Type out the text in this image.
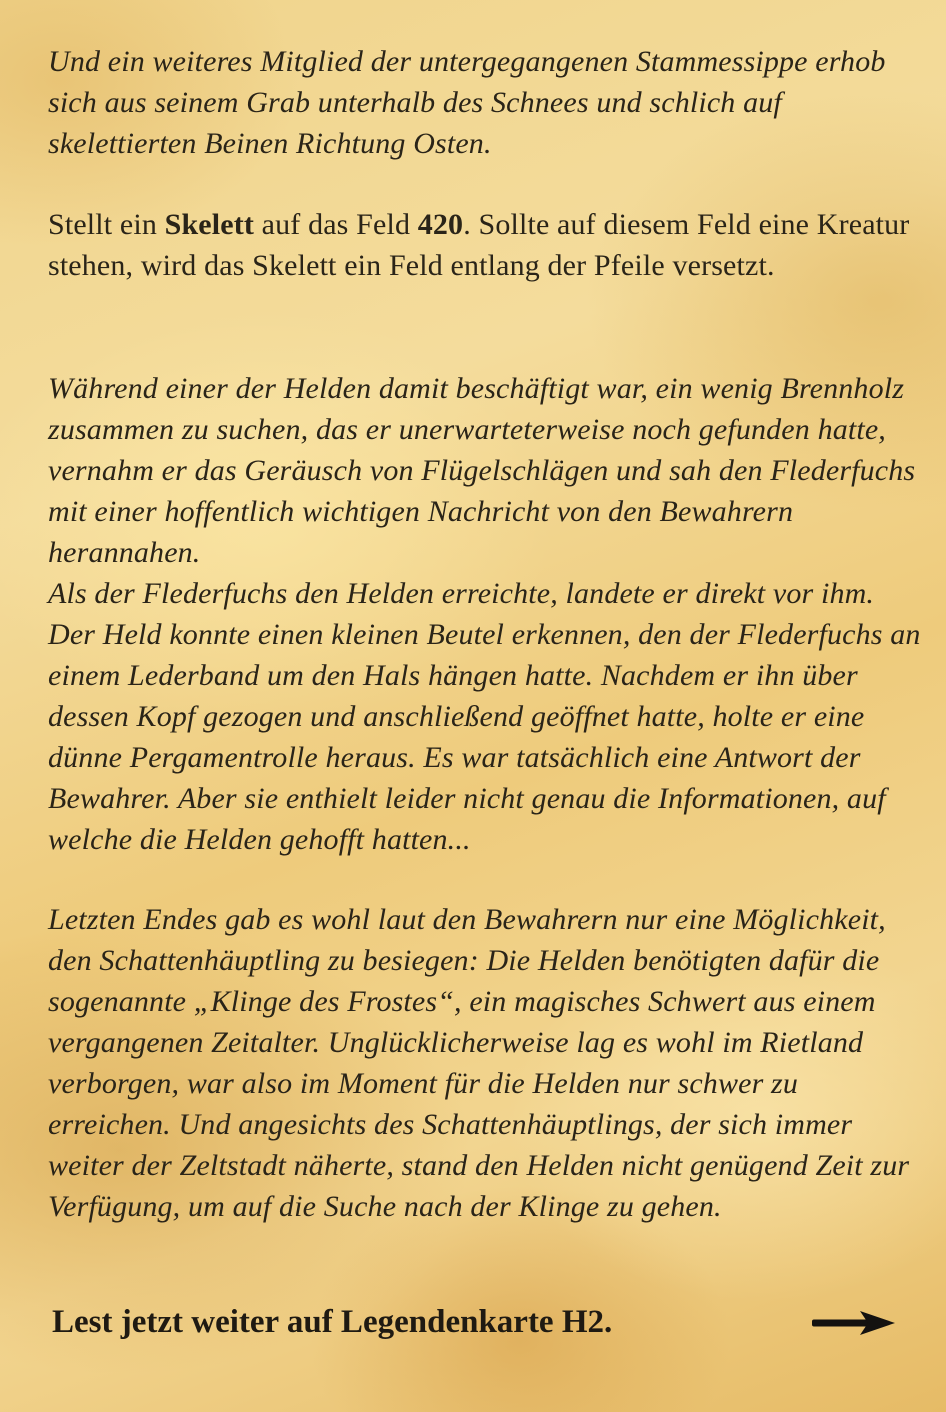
Und ein weiteres Mitglied der untergegangenen Stammessippe erhob sich aus seinem Grab unterhalb des Schnees und schlich auf skelettierten Beinen Richtung Osten.

Stellt ein Skelett auf das Feld 420. Sollte auf diesem Feld eine Kreatur stehen, wird das Skelett ein Feld entlang der Pfeile versetzt.

Während einer der Helden damit beschäftigt war, ein wenig Brennholz zusammen zu suchen, das er unerwarteterweise noch gefunden hatte, vernahm er das Geräusch von Flügelschlägen und sah den Flederfuchs mit einer hoffentlich wichtigen Nachricht von den Bewahrern herannahen.

Als der Flederfuchs den Helden erreichte, landete er direkt vor ihm. Der Held konnte einen kleinen Beutel erkennen, den der Flederfuchs an einem Lederband um den Hals hängen hatte. Nachdem er ihn über dessen Kopf gezogen und anschließend geöffnet hatte, holte er eine dünne Pergamentrolle heraus. Es war tatsächlich eine Antwort der Bewahrer. Aber sie enthielt leider nicht genau die Informationen, auf welche die Helden gehofft hatten...

Letzten Endes gab es wohl laut den Bewahrern nur eine Möglichkeit, den Schattenhäuptling zu besiegen: Die Helden benötigten dafür die sogenannte „Klinge des Frostes“, ein magisches Schwert aus einem vergangenen Zeitalter. Unglücklicherweise lag es wohl im Rietland verborgen, war also im Moment für die Helden nur schwer zu erreichen. Und angesichts des Schattenhäuptlings, der sich immer weiter der Zeltstadt näherte, stand den Helden nicht genügend Zeit zur Verfügung, um auf die Suche nach der Klinge zu gehen.

Lest jetzt weiter auf Legendenkarte H2.
